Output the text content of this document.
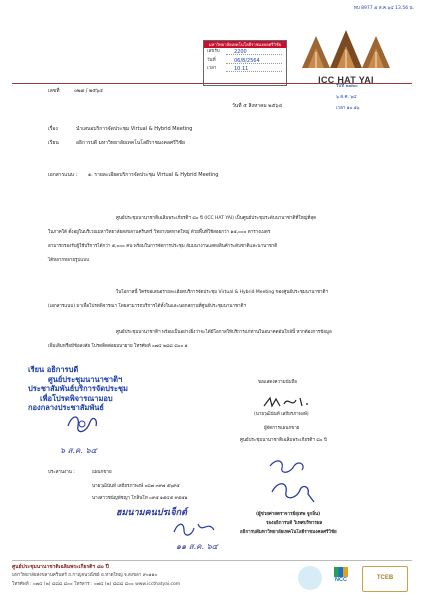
ทบ 8977 ๕ ส.ค.๖๔ 13.56 น.
มหาวิทยาลัยเทคโนโลยีราชมงคลศรีวิชัย
เลขรับ	2200
วันที่	06/8/2564
เวลา	10.11
ICC HAT YAI
เลขที่	๐๒๗ / ๒๕๖๔
รับที่ ๒๗๒๐
๖ ส.ค. ๖๔
เวลา ๑๐.๑๖
วันที่ ๕ สิงหาคม ๒๕๖๔
เรื่อง	นำเสนอบริการจัดประชุม Virtual & Hybrid Meeting
เรียน	อธิการบดี มหาวิทยาลัยเทคโนโลยีราชมงคลศรีวิชัย
เอกสารแนบ : ๑. รายละเอียดบริการจัดประชุม Virtual & Hybrid Meeting
ศูนย์ประชุมนานาชาติเฉลิมพระเกียรติฯ ๘๐ ปี (ICC HAT YAI) เป็นศูนย์ประชุมระดับนานาชาติที่ใหญ่ที่สุด
ในภาคใต้ ตั้งอยู่ในบริเวณมหาวิทยาลัยสงขลานครินทร์ วิทยาเขตหาดใหญ่ ด้วยพื้นที่ใช้สอยกว่า ๑๕,๐๐๐ ตารางเมตร
สามารถรองรับผู้ใช้บริการได้กว่า ๕,๐๐๐ คน พร้อมในการจัดการประชุม สัมมนางานแสดงสินค้าระดับชาติและนานาชาติ
ได้หลากหลายรูปแบบ
ในโอกาสนี้ ใคร่ขอเสนอรายละเอียดบริการจัดประชุม Virtual & Hybrid Meeting ของศูนย์ประชุมนานาชาติฯ
(เอกสารแนบ) มาเพื่อโปรดพิจารณา โดยสามารถบริการได้ทั้งในและนอกสถานที่ศูนย์ประชุมนานาชาติฯ
ศูนย์ประชุมนานาชาติฯ พร้อมเป็นอย่างยิ่งว่าจะได้มีโอกาสให้บริการแก่ท่านในอนาคตอันใกล้นี้ หากต้องการข้อมูล
เพิ่มเติมหรือมีข้อสงสัย โปรดติดต่อผมนายาย โทรศัพท์ ๐๗๔ ๒๘๘ ๘๐๐ ๑
เรียน อธิการบดี
ศูนย์ประชุมนานาชาติฯ
ประชาสัมพันธ์บริการจัดประชุม
เพื่อโปรดพิจารณามอบ
กองกลางประชาสัมพันธ์
๖ ส.ค. ๖๔
ขอแสดงความนับถือ
(นายวุฒินันท์ เสถียรภาพงษ์)
ผู้จัดการแผนกขาย
ศูนย์ประชุมนานาชาติเฉลิมพระเกียรติฯ ๘๐ ปี
ประสานงาน :	แผนกขาย
นายวุฒินันท์ เสถียรภาพงษ์ ๐๘๗ ๓๙๗ ๕๖๙๕
นางสาวชนัญพัชญา โกสินโท ๐๙๕ ๑๕๔๕ ๙๕๕๑
ฮมนามคนปรเจ็กต์
๑๑ ส.ค. ๖๔
(ผู้ช่วยศาสตราจารย์สุเทพ จูกลิ่น)
รองอธิการบดี วิเทศบริหารผล
อธิการบดีมหาวิทยาลัยเทคโนโลยีราชมงคลศรีวิชัย
ศูนย์ประชุมนานาชาติเฉลิมพระเกียรติฯ ๘๐ ปี
มหาวิทยาลัยสงขลานครินทร์ ถ.กาญจนวณิชย์ อ.หาดใหญ่ จ.สงขลา ๙๐๑๑๐
โทรศัพท์ : ๐๗๔ (๒) ๘๘๘ ๘๐๐ โทรสาร : ๐๗๔ (๒) ๘๘๘ ๘๐๐ www.iccthatyai.com
NCC	TCEB
